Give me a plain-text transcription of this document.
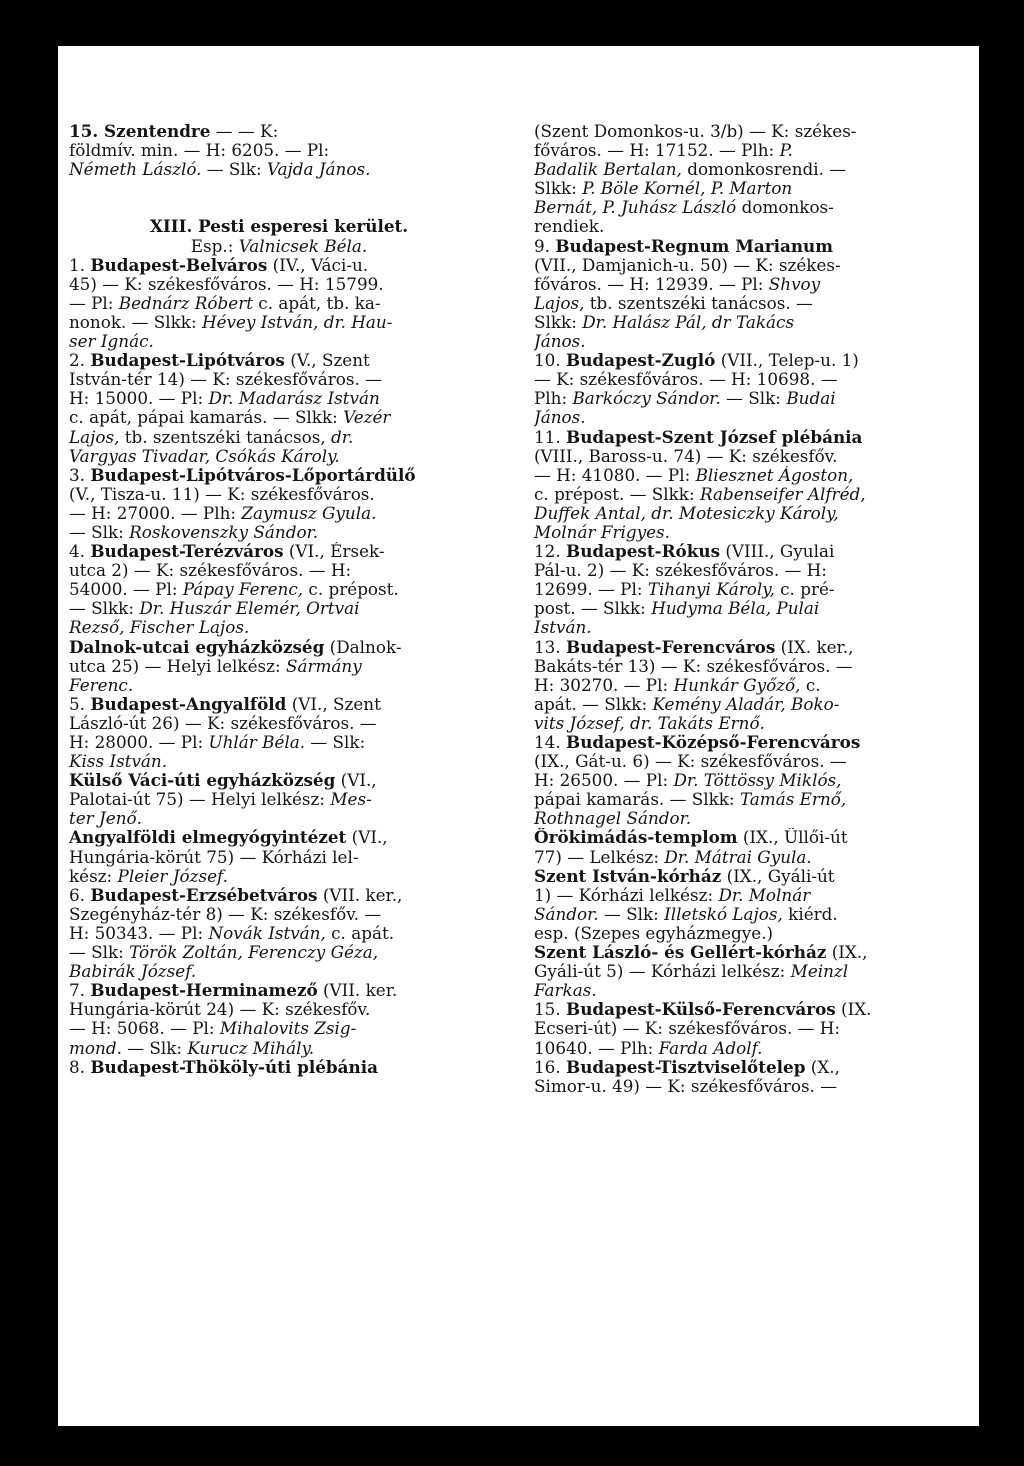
15. Szentendre — — K:
földmív. min. — H: 6205. — Pl:
Németh László. — Slk: Vajda János.
XIII. Pesti esperesi kerület.
Esp.: Valnicsek Béla.
1. Budapest-Belváros (IV., Váci-u.
45) — K: székesfőváros. — H: 15799.
— Pl: Bednárz Róbert c. apát, tb. ka-
nonok. — Slkk: Hévey István, dr. Hau-
ser Ignác.
2. Budapest-Lipótváros (V., Szent
István-tér 14) — K: székesfőváros. —
H: 15000. — Pl: Dr. Madarász István
c. apát, pápai kamarás. — Slkk: Vezér
Lajos, tb. szentszéki tanácsos, dr.
Vargyas Tivadar, Csókás Károly.
3. Budapest-Lipótváros-Lőportárdülő
(V., Tisza-u. 11) — K: székesfőváros.
— H: 27000. — Plh: Zaymusz Gyula.
— Slk: Roskovenszky Sándor.
4. Budapest-Terézváros (VI., Érsek-
utca 2) — K: székesfőváros. — H:
54000. — Pl: Pápay Ferenc, c. prépost.
— Slkk: Dr. Huszár Elemér, Ortvai
Rezső, Fischer Lajos.
Dalnok-utcai egyházközség (Dalnok-
utca 25) — Helyi lelkész: Sármány
Ferenc.
5. Budapest-Angyalföld (VI., Szent
László-út 26) — K: székesfőváros. —
H: 28000. — Pl: Uhlár Béla. — Slk:
Kiss István.
Külső Váci-úti egyházközség (VI.,
Palotai-út 75) — Helyi lelkész: Mes-
ter Jenő.
Angyalföldi elmegyógyintézet (VI.,
Hungária-körút 75) — Kórházi lel-
kész: Pleier József.
6. Budapest-Erzsébetváros (VII. ker.,
Szegényház-tér 8) — K: székesfőv. —
H: 50343. — Pl: Novák István, c. apát.
— Slk: Török Zoltán, Ferenczy Géza,
Babirák József.
7. Budapest-Herminamező (VII. ker.
Hungária-körút 24) — K: székesfőv.
— H: 5068. — Pl: Mihalovits Zsig-
mond. — Slk: Kurucz Mihály.
8. Budapest-Thököly-úti plébánia
(Szent Domonkos-u. 3/b) — K: székes-
főváros. — H: 17152. — Plh: P.
Badalik Bertalan, domonkosrendi. —
Slkk: P. Böle Kornél, P. Marton
Bernát, P. Juhász László domonkos-
rendiek.
9. Budapest-Regnum Marianum
(VII., Damjanich-u. 50) — K: székes-
főváros. — H: 12939. — Pl: Shvoy
Lajos, tb. szentszéki tanácsos. —
Slkk: Dr. Halász Pál, dr Takács
János.
10. Budapest-Zugló (VII., Telep-u. 1)
— K: székesfőváros. — H: 10698. —
Plh: Barkóczy Sándor. — Slk: Budai
János.
11. Budapest-Szent József plébánia
(VIII., Baross-u. 74) — K: székesfőv.
— H: 41080. — Pl: Bliesznet Ágoston,
c. prépost. — Slkk: Rabenseifer Alfréd,
Duffek Antal, dr. Motesiczky Károly,
Molnár Frigyes.
12. Budapest-Rókus (VIII., Gyulai
Pál-u. 2) — K: székesfőváros. — H:
12699. — Pl: Tihanyi Károly, c. pré-
post. — Slkk: Hudyma Béla, Pulai
István.
13. Budapest-Ferencváros (IX. ker.,
Bakáts-tér 13) — K: székesfőváros. —
H: 30270. — Pl: Hunkár Győző, c.
apát. — Slkk: Kemény Aladár, Boko-
vits József, dr. Takáts Ernő.
14. Budapest-Középső-Ferencváros
(IX., Gát-u. 6) — K: székesfőváros. —
H: 26500. — Pl: Dr. Töttössy Miklós,
pápai kamarás. — Slkk: Tamás Ernő,
Rothnagel Sándor.
Örökimádás-templom (IX., Üllői-út
77) — Lelkész: Dr. Mátrai Gyula.
Szent István-kórház (IX., Gyáli-út
1) — Kórházi lelkész: Dr. Molnár
Sándor. — Slk: Illetskó Lajos, kiérd.
esp. (Szepes egyházmegye.)
Szent László- és Gellért-kórház (IX.,
Gyáli-út 5) — Kórházi lelkész: Meinzl
Farkas.
15. Budapest-Külső-Ferencváros (IX.
Ecseri-út) — K: székesfőváros. — H:
10640. — Plh: Farda Adolf.
16. Budapest-Tisztviselőtelep (X.,
Simor-u. 49) — K: székesfőváros. —
